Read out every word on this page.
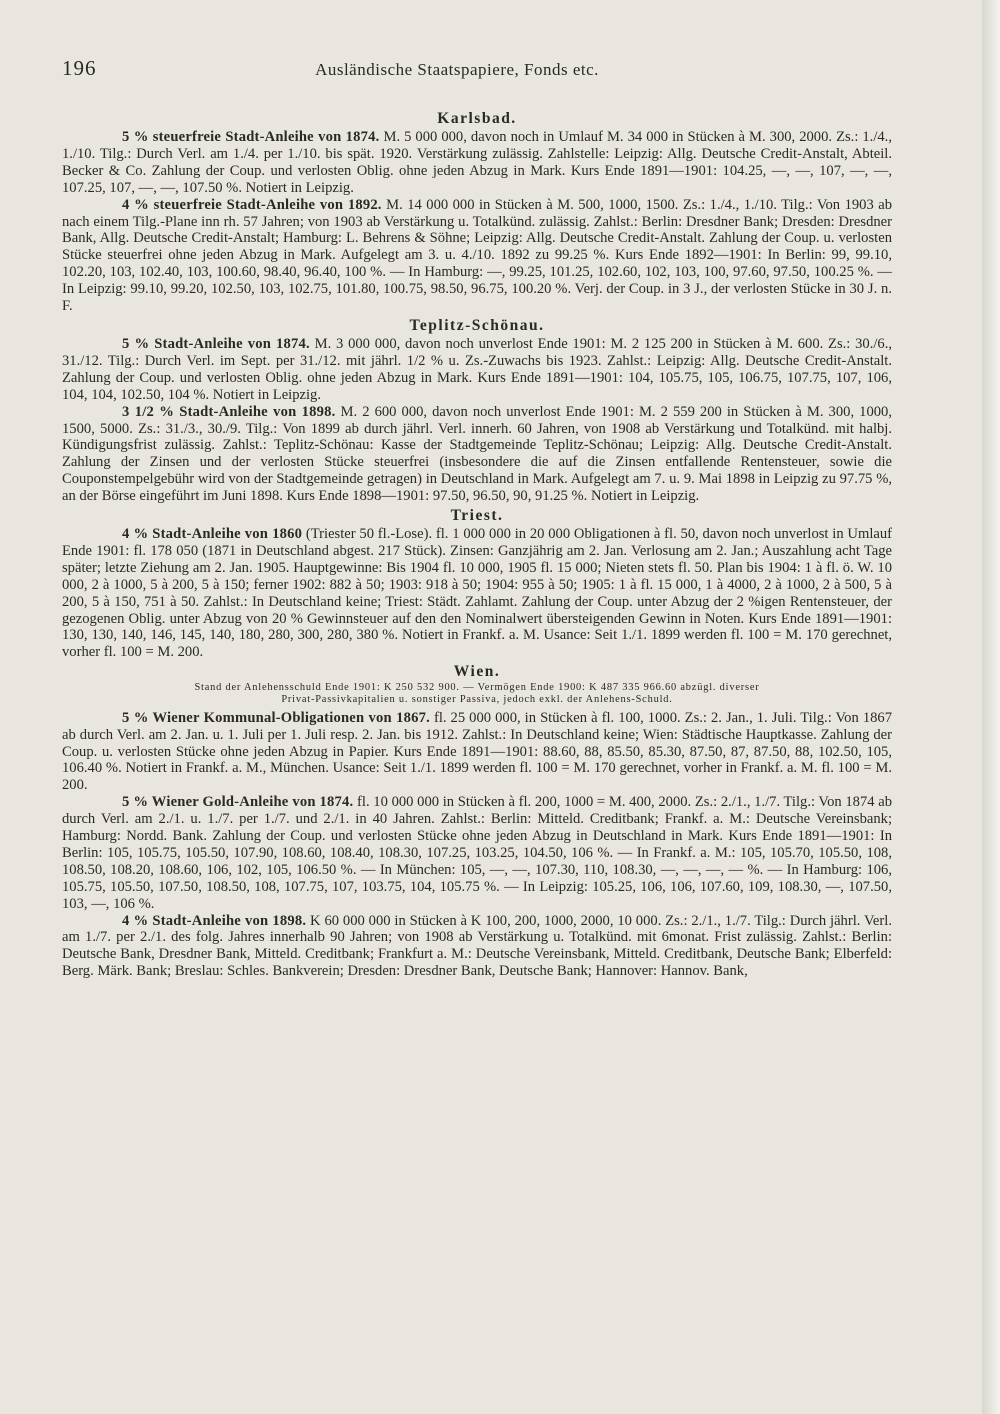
196	Ausländische Staatspapiere, Fonds etc.
Karlsbad.

5 % steuerfreie Stadt-Anleihe von 1874. M. 5 000 000, davon noch in Umlauf M. 34 000 in Stücken à M. 300, 2000. Zs.: 1./4., 1./10. Tilg.: Durch Verl. am 1./4. per 1./10. bis spät. 1920. Verstärkung zulässig. Zahlstelle: Leipzig: Allg. Deutsche Credit-Anstalt, Abteil. Becker & Co. Zahlung der Coup. und verlosten Oblig. ohne jeden Abzug in Mark. Kurs Ende 1891—1901: 104.25, —, —, 107, —, —, 107.25, 107, —, —, 107.50 %. Notiert in Leipzig.

4 % steuerfreie Stadt-Anleihe von 1892. M. 14 000 000 in Stücken à M. 500, 1000, 1500. Zs.: 1./4., 1./10. Tilg.: Von 1903 ab nach einem Tilg.-Plane inn rh. 57 Jahren; von 1903 ab Verstärkung u. Totalkünd. zulässig. Zahlst.: Berlin: Dresdner Bank; Dresden: Dresdner Bank, Allg. Deutsche Credit-Anstalt; Hamburg: L. Behrens & Söhne; Leipzig: Allg. Deutsche Credit-Anstalt. Zahlung der Coup. u. verlosten Stücke steuerfrei ohne jeden Abzug in Mark. Aufgelegt am 3. u. 4./10. 1892 zu 99.25 %. Kurs Ende 1892—1901: In Berlin: 99, 99.10, 102.20, 103, 102.40, 103, 100.60, 98.40, 96.40, 100 %. — In Hamburg: —, 99.25, 101.25, 102.60, 102, 103, 100, 97.60, 97.50, 100.25 %. — In Leipzig: 99.10, 99.20, 102.50, 103, 102.75, 101.80, 100.75, 98.50, 96.75, 100.20 %. Verj. der Coup. in 3 J., der verlosten Stücke in 30 J. n. F.

Teplitz-Schönau.

5 % Stadt-Anleihe von 1874. M. 3 000 000, davon noch unverlost Ende 1901: M. 2 125 200 in Stücken à M. 600. Zs.: 30./6., 31./12. Tilg.: Durch Verl. im Sept. per 31./12. mit jährl. 1/2 % u. Zs.-Zuwachs bis 1923. Zahlst.: Leipzig: Allg. Deutsche Credit-Anstalt. Zahlung der Coup. und verlosten Oblig. ohne jeden Abzug in Mark. Kurs Ende 1891—1901: 104, 105.75, 105, 106.75, 107.75, 107, 106, 104, 104, 102.50, 104 %. Notiert in Leipzig.

3 1/2 % Stadt-Anleihe von 1898. M. 2 600 000, davon noch unverlost Ende 1901: M. 2 559 200 in Stücken à M. 300, 1000, 1500, 5000. Zs.: 31./3., 30./9. Tilg.: Von 1899 ab durch jährl. Verl. innerh. 60 Jahren, von 1908 ab Verstärkung und Totalkünd. mit halbj. Kündigungsfrist zulässig. Zahlst.: Teplitz-Schönau: Kasse der Stadtgemeinde Teplitz-Schönau; Leipzig: Allg. Deutsche Credit-Anstalt. Zahlung der Zinsen und der verlosten Stücke steuerfrei (insbesondere die auf die Zinsen entfallende Rentensteuer, sowie die Couponstempelgebühr wird von der Stadtgemeinde getragen) in Deutschland in Mark. Aufgelegt am 7. u. 9. Mai 1898 in Leipzig zu 97.75 %, an der Börse eingeführt im Juni 1898. Kurs Ende 1898—1901: 97.50, 96.50, 90, 91.25 %. Notiert in Leipzig.

Triest.

4 % Stadt-Anleihe von 1860 (Triester 50 fl.-Lose). fl. 1 000 000 in 20 000 Obligationen à fl. 50, davon noch unverlost in Umlauf Ende 1901: fl. 178 050 (1871 in Deutschland abgest. 217 Stück). Zinsen: Ganzjährig am 2. Jan. Verlosung am 2. Jan.; Auszahlung acht Tage später; letzte Ziehung am 2. Jan. 1905. Hauptgewinne: Bis 1904 fl. 10 000, 1905 fl. 15 000; Nieten stets fl. 50. Plan bis 1904: 1 à fl. ö. W. 10 000, 2 à 1000, 5 à 200, 5 à 150; ferner 1902: 882 à 50; 1903: 918 à 50; 1904: 955 à 50; 1905: 1 à fl. 15 000, 1 à 4000, 2 à 1000, 2 à 500, 5 à 200, 5 à 150, 751 à 50. Zahlst.: In Deutschland keine; Triest: Städt. Zahlamt. Zahlung der Coup. unter Abzug der 2 %igen Rentensteuer, der gezogenen Oblig. unter Abzug von 20 % Gewinnsteuer auf den den Nominalwert übersteigenden Gewinn in Noten. Kurs Ende 1891—1901: 130, 130, 140, 146, 145, 140, 180, 280, 300, 280, 380 %. Notiert in Frankf. a. M. Usance: Seit 1./1. 1899 werden fl. 100 = M. 170 gerechnet, vorher fl. 100 = M. 200.

Wien.
Stand der Anlehensschuld Ende 1901: K 250 532 900. — Vermögen Ende 1900: K 487 335 966.60 abzügl. diverser
Privat-Passivkapitalien u. sonstiger Passiva, jedoch exkl. der Anlehens-Schuld.

5 % Wiener Kommunal-Obligationen von 1867. fl. 25 000 000, in Stücken à fl. 100, 1000. Zs.: 2. Jan., 1. Juli. Tilg.: Von 1867 ab durch Verl. am 2. Jan. u. 1. Juli per 1. Juli resp. 2. Jan. bis 1912. Zahlst.: In Deutschland keine; Wien: Städtische Hauptkasse. Zahlung der Coup. u. verlosten Stücke ohne jeden Abzug in Papier. Kurs Ende 1891—1901: 88.60, 88, 85.50, 85.30, 87.50, 87, 87.50, 88, 102.50, 105, 106.40 %. Notiert in Frankf. a. M., München. Usance: Seit 1./1. 1899 werden fl. 100 = M. 170 gerechnet, vorher in Frankf. a. M. fl. 100 = M. 200.

5 % Wiener Gold-Anleihe von 1874. fl. 10 000 000 in Stücken à fl. 200, 1000 = M. 400, 2000. Zs.: 2./1., 1./7. Tilg.: Von 1874 ab durch Verl. am 2./1. u. 1./7. per 1./7. und 2./1. in 40 Jahren. Zahlst.: Berlin: Mitteld. Creditbank; Frankf. a. M.: Deutsche Vereinsbank; Hamburg: Nordd. Bank. Zahlung der Coup. und verlosten Stücke ohne jeden Abzug in Deutschland in Mark. Kurs Ende 1891—1901: In Berlin: 105, 105.75, 105.50, 107.90, 108.60, 108.40, 108.30, 107.25, 103.25, 104.50, 106 %. — In Frankf. a. M.: 105, 105.70, 105.50, 108, 108.50, 108.20, 108.60, 106, 102, 105, 106.50 %. — In München: 105, —, —, 107.30, 110, 108.30, —, —, —, — %. — In Hamburg: 106, 105.75, 105.50, 107.50, 108.50, 108, 107.75, 107, 103.75, 104, 105.75 %. — In Leipzig: 105.25, 106, 106, 107.60, 109, 108.30, —, 107.50, 103, —, 106 %.

4 % Stadt-Anleihe von 1898. K 60 000 000 in Stücken à K 100, 200, 1000, 2000, 10 000. Zs.: 2./1., 1./7. Tilg.: Durch jährl. Verl. am 1./7. per 2./1. des folg. Jahres innerhalb 90 Jahren; von 1908 ab Verstärkung u. Totalkünd. mit 6monat. Frist zulässig. Zahlst.: Berlin: Deutsche Bank, Dresdner Bank, Mitteld. Creditbank; Frankfurt a. M.: Deutsche Vereinsbank, Mitteld. Creditbank, Deutsche Bank; Elberfeld: Berg. Märk. Bank; Breslau: Schles. Bankverein; Dresden: Dresdner Bank, Deutsche Bank; Hannover: Hannov. Bank,
